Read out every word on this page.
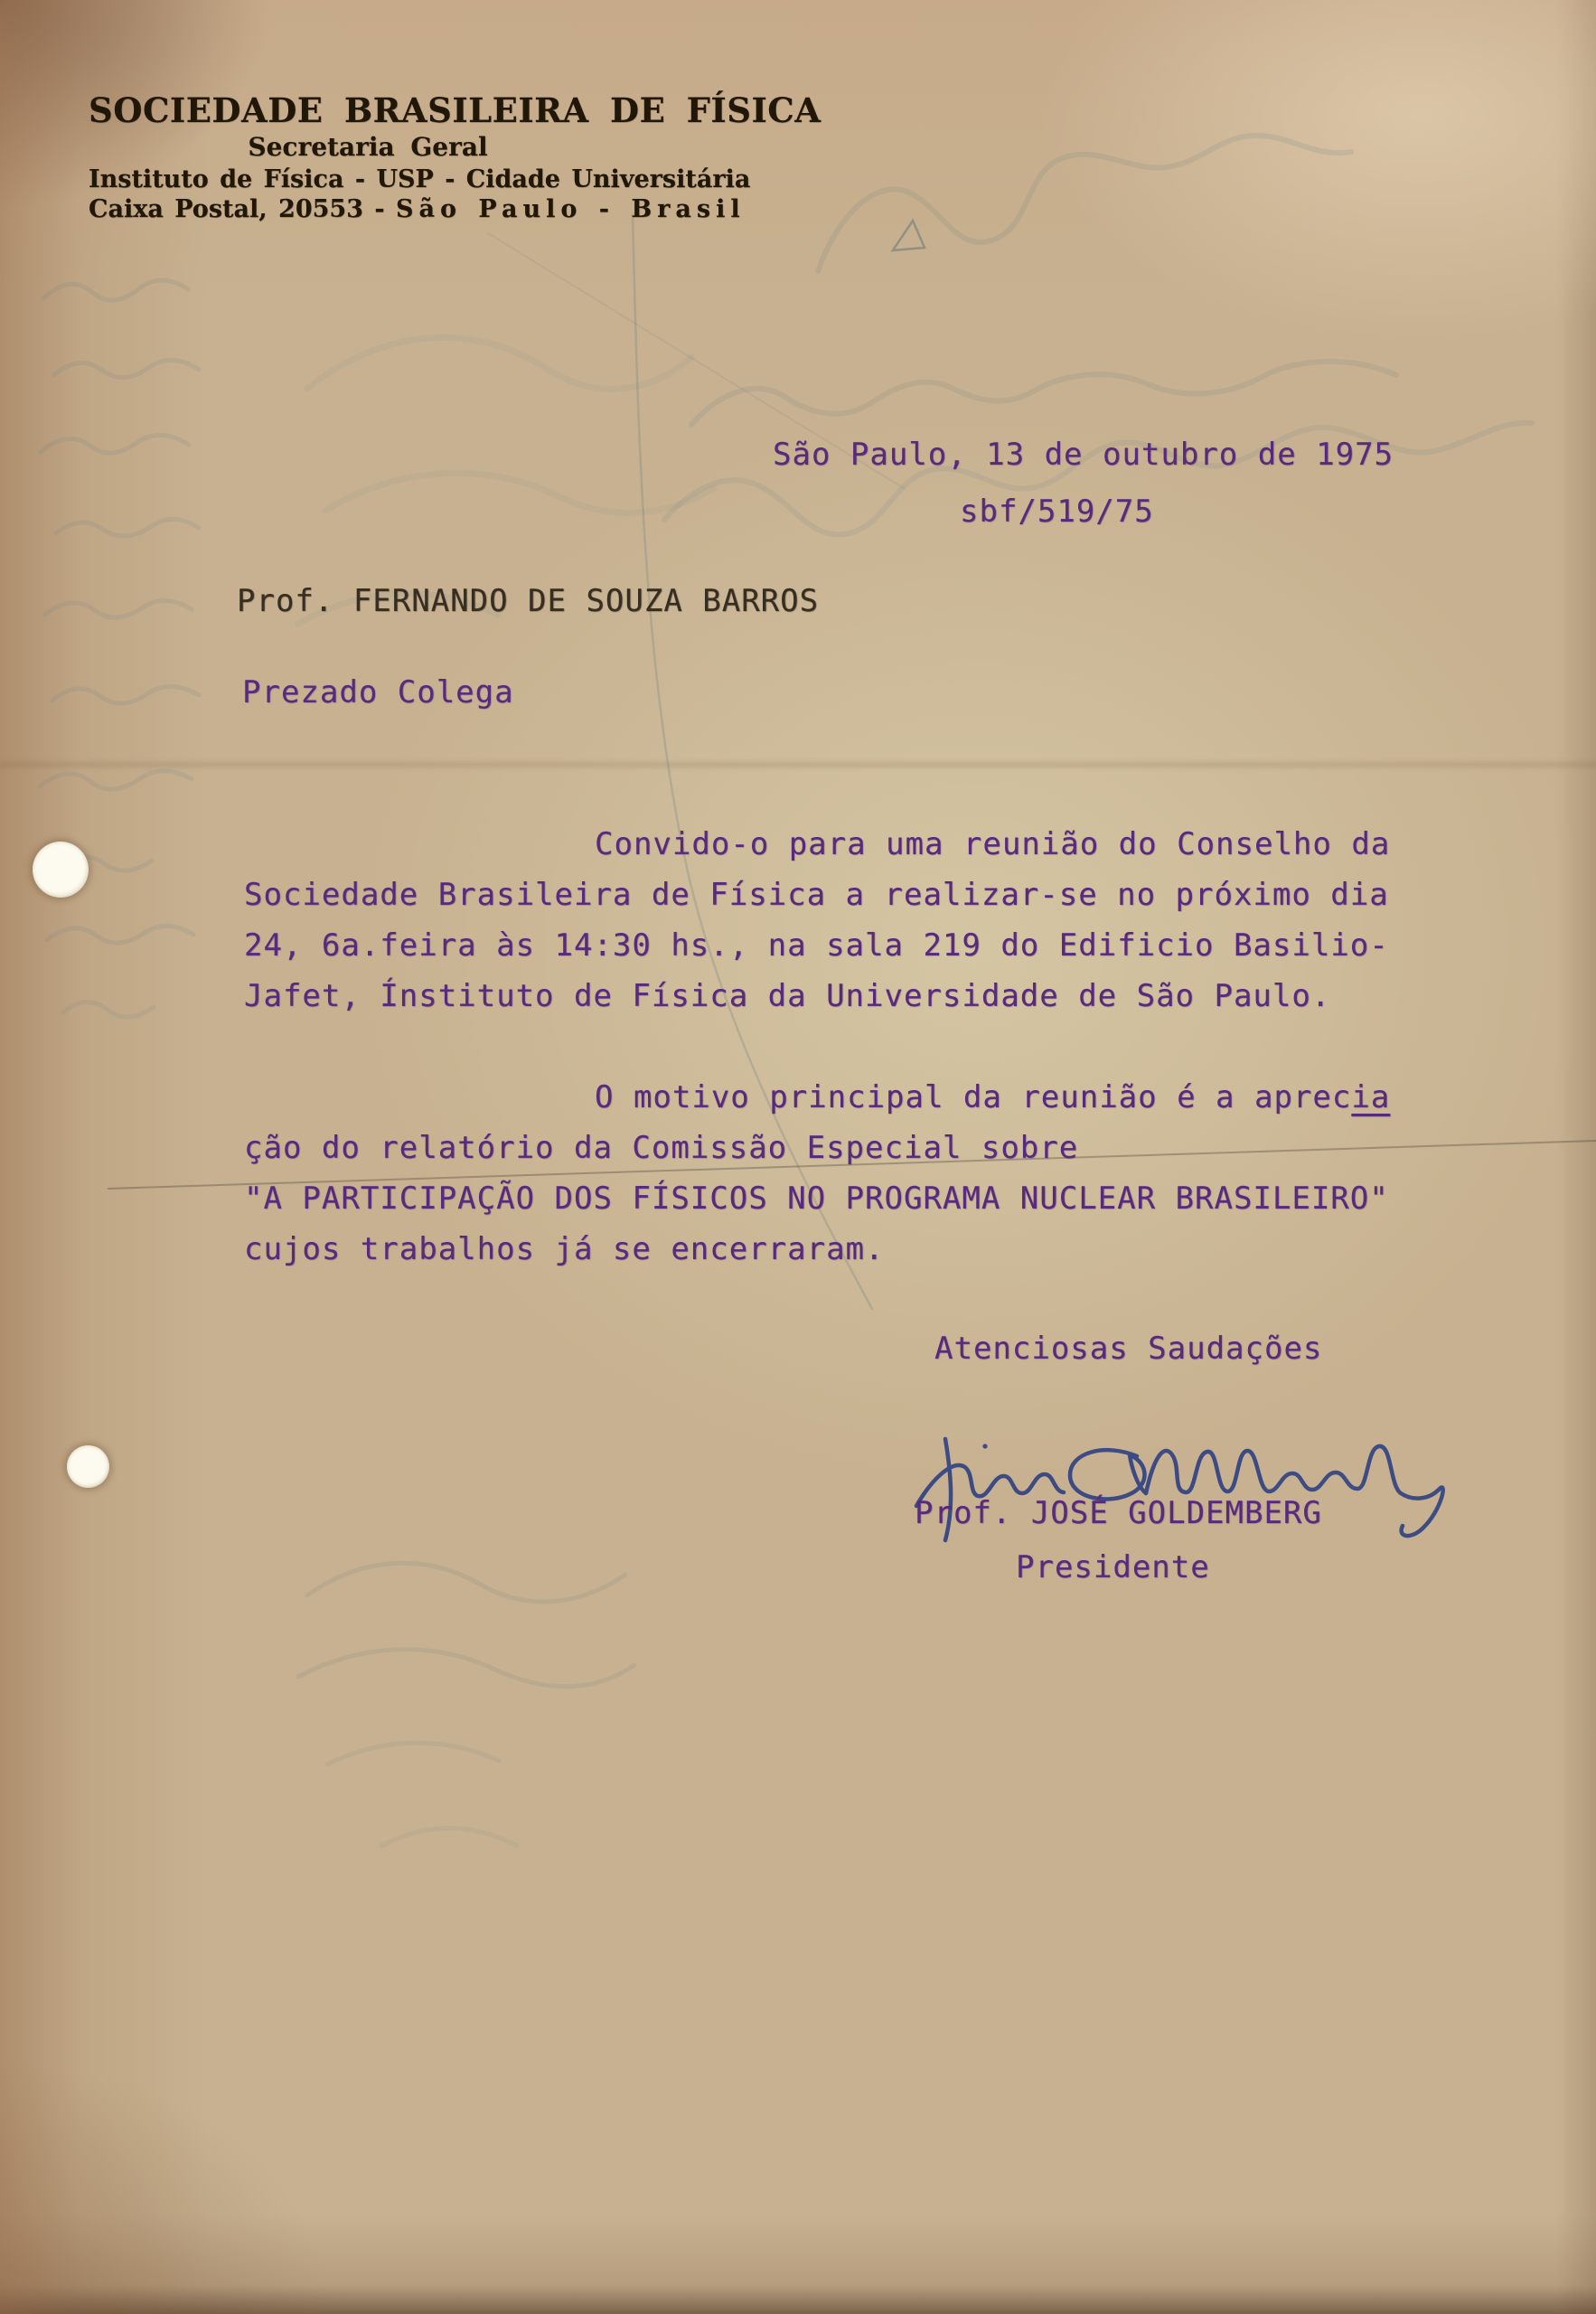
SOCIEDADE BRASILEIRA DE FÍSICA
Secretaria Geral
Instituto de Física - USP - Cidade Universitária
Caixa Postal, 20553 - São Paulo - Brasil
São Paulo, 13 de outubro de 1975
sbf/519/75
Prof. FERNANDO DE SOUZA BARROS
Prezado Colega
Convido-o para uma reunião do Conselho da
Sociedade Brasileira de Física a realizar-se no próximo dia
24, 6a.feira às 14:30 hs., na sala 219 do Edificio Basilio-
Jafet, Ínstituto de Física da Universidade de São Paulo.
O motivo principal da reunião é a aprecia
ção do relatório da Comissão Especial sobre
"A PARTICIPAÇÃO DOS FÍSICOS NO PROGRAMA NUCLEAR BRASILEIRO"
cujos trabalhos já se encerraram.
Atenciosas Saudações
Prof. JOSÉ GOLDEMBERG
Presidente
